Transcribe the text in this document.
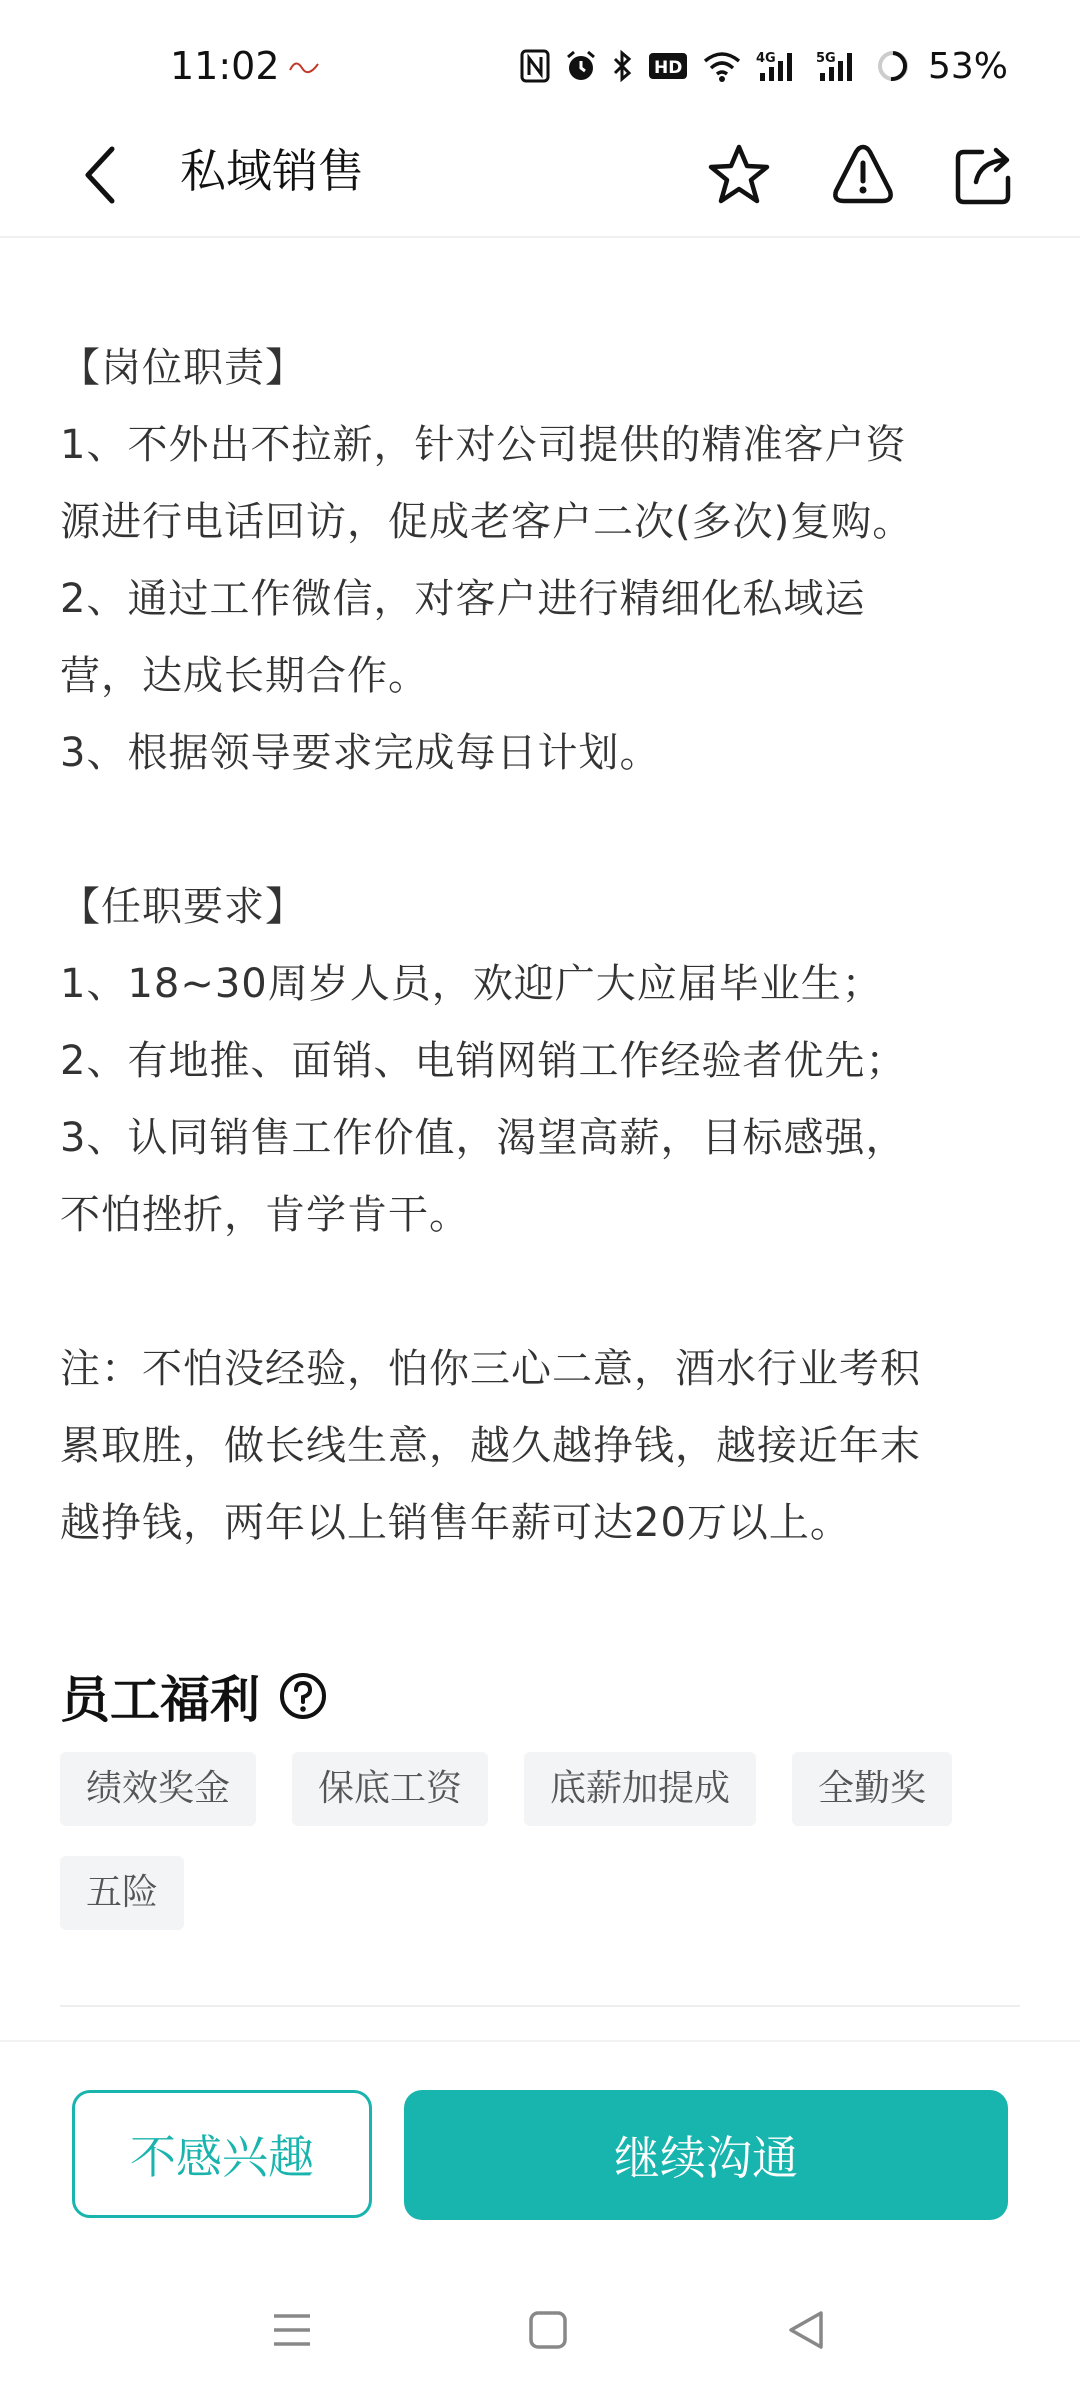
11:02	HD	4G	5G	53%
私域销售
【岗位职责】
1、不外出不拉新，针对公司提供的精准客户资
源进行电话回访，促成老客户二次(多次)复购。
2、通过工作微信，对客户进行精细化私域运
营，达成长期合作。
3、根据领导要求完成每日计划。
【任职要求】
1、18~30周岁人员，欢迎广大应届毕业生；
2、有地推、面销、电销网销工作经验者优先；
3、认同销售工作价值，渴望高薪，目标感强，
不怕挫折，肯学肯干。
注：不怕没经验，怕你三心二意，酒水行业考积
累取胜，做长线生意，越久越挣钱，越接近年末
越挣钱，两年以上销售年薪可达20万以上。
员工福利
绩效奖金	保底工资	底薪加提成	全勤奖
五险
不感兴趣	继续沟通
